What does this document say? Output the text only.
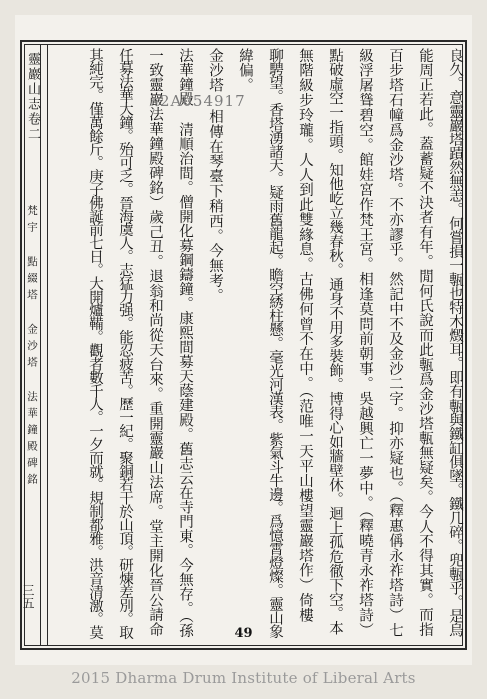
靈巖山志卷二
梵宇 點綴塔 金沙塔 法華鐘殿碑銘
三五	良久。意靈巖塔蹟然無恙。何嘗損一甎也特木燬耳。即有甎與鐵缸俱墜。鐵几碎。兜甎乎。是烏
能周正若此。蓋蓄疑不決者有年。閒何氏說而此甎爲金沙塔甎無疑矣。今人不得其實。而指
百步塔石幢爲金沙塔。不亦謬乎。然記中不及金沙二字。抑亦疑也。（釋惠偁永祚塔詩）七
級浮屠聳碧空。館娃宮作梵王宮。相逢莫問前朝事。吳越興亡一夢中。（釋曉青永祚塔詩）
點破虛空一指頭。知他屹立幾春秋。通身不用多裝飾。博得心如牆壁休。迴上孤危徹下空。本
無階級步玲瓏。人人到此雙緣息。古佛何曾不在中。（范唯一天平山樓望靈巖塔作）倚樓
聊騁望。香塔湧諸天。疑雨舊龍起。瞻空綉柱懸。毫光河漢表。紫氣斗牛邊。爲憶霄燈燦。靈山象
緯偏。
金沙塔 相傳在琴臺下稍西。今無考。
法華鐘殿 清順治間。僧開化募鋼鑄鐘。康熙間募天蔭建殿。舊志云在寺門東。今無存。（孫
一致靈巖法華鐘殿碑銘）歲己丑。退翁和尚從天台來。重開靈巖山法席。堂主開化晉公請命
任募法華大鐘。殆可乏。晉海虞人。志猛力强。能忍疲苦。歷一紀。聚銅若干於山頂。研煉差別。取
其純完。僅萬餘斤。庚子佛誕前七日。大開爐鞴。觀者數千人。一夕而就。規制都雅。洪音清激。莫	2A054917
49
2015 Dharma Drum Institute of Liberal Arts
